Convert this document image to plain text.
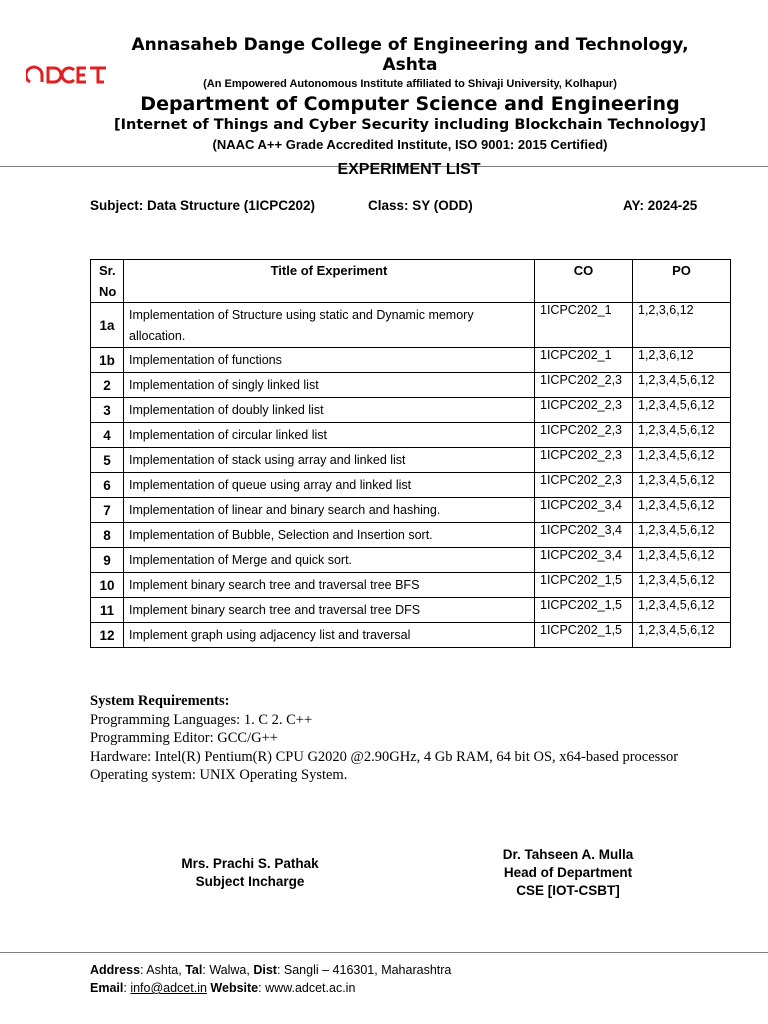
Annasaheb Dange College of Engineering and Technology, Ashta
(An Empowered Autonomous Institute affiliated to Shivaji University, Kolhapur)
Department of Computer Science and Engineering
[Internet of Things and Cyber Security including Blockchain Technology]
(NAAC A++ Grade Accredited Institute, ISO 9001: 2015 Certified)
EXPERIMENT LIST
Subject: Data Structure (1ICPC202)	Class: SY (ODD)	AY: 2024-25
Sr. No	Title of Experiment	CO	PO
1a	Implementation of Structure using static and Dynamic memory allocation.	1ICPC202_1	1,2,3,6,12
1b	Implementation of functions	1ICPC202_1	1,2,3,6,12
2	Implementation of singly linked list	1ICPC202_2,3	1,2,3,4,5,6,12
3	Implementation of doubly linked list	1ICPC202_2,3	1,2,3,4,5,6,12
4	Implementation of circular linked list	1ICPC202_2,3	1,2,3,4,5,6,12
5	Implementation of stack using array and linked list	1ICPC202_2,3	1,2,3,4,5,6,12
6	Implementation of queue using array and linked list	1ICPC202_2,3	1,2,3,4,5,6,12
7	Implementation of linear and binary search and hashing.	1ICPC202_3,4	1,2,3,4,5,6,12
8	Implementation of Bubble, Selection and Insertion sort.	1ICPC202_3,4	1,2,3,4,5,6,12
9	Implementation of Merge and quick sort.	1ICPC202_3,4	1,2,3,4,5,6,12
10	Implement binary search tree and traversal tree BFS	1ICPC202_1,5	1,2,3,4,5,6,12
11	Implement binary search tree and traversal tree DFS	1ICPC202_1,5	1,2,3,4,5,6,12
12	Implement graph using adjacency list and traversal	1ICPC202_1,5	1,2,3,4,5,6,12
System Requirements:
Programming Languages: 1. C 2. C++
Programming Editor: GCC/G++
Hardware: Intel(R) Pentium(R) CPU G2020 @2.90GHz, 4 Gb RAM, 64 bit OS, x64-based processor
Operating system: UNIX Operating System.
Mrs. Prachi S. Pathak
Subject Incharge
Dr. Tahseen A. Mulla
Head of Department
CSE [IOT-CSBT]
Address: Ashta, Tal: Walwa, Dist: Sangli – 416301, Maharashtra
Email: info@adcet.in Website: www.adcet.ac.in
